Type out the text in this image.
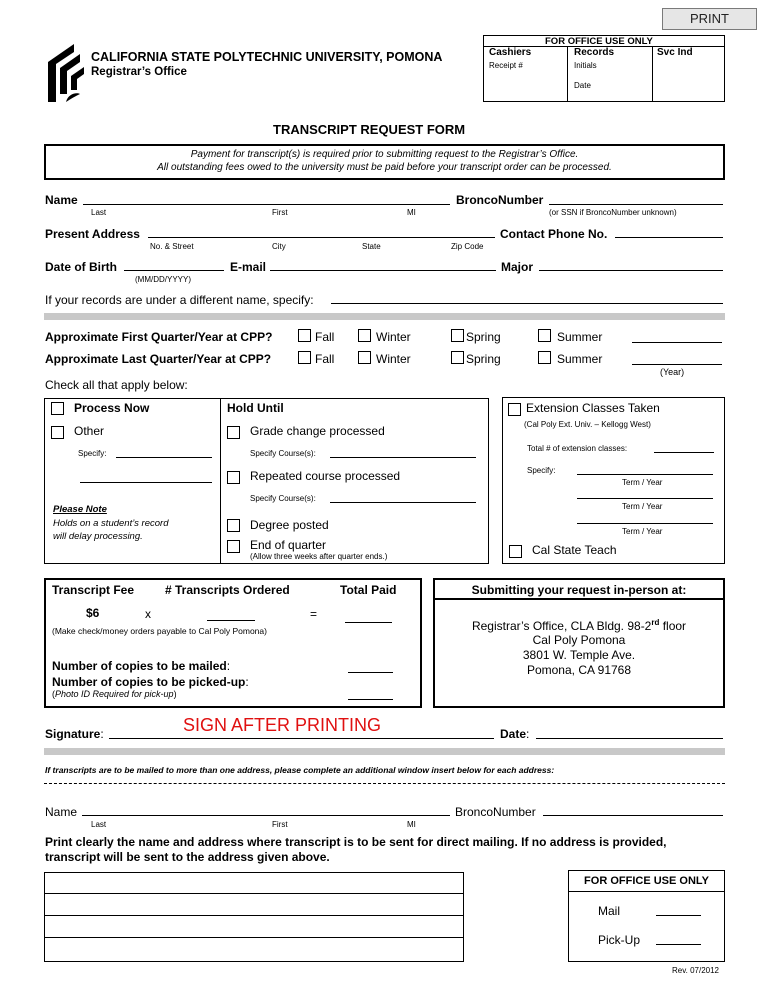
PRINT
CALIFORNIA STATE POLYTECHNIC UNIVERSITY, POMONA
Registrar’s Office
FOR OFFICE USE ONLY
Cashiers
Receipt #
Records
Initials
Date
Svc Ind
TRANSCRIPT REQUEST FORM
Payment for transcript(s) is required prior to submitting request to the Registrar’s Office.
All outstanding fees owed to the university must be paid before your transcript order can be processed.
Name
Last	First	MI
BroncoNumber
(or SSN if BroncoNumber unknown)
Present Address
No. & Street	City	State	Zip Code
Contact Phone No.
Date of Birth
(MM/DD/YYYY)
E-mail	Major
If your records are under a different name, specify:
Approximate First Quarter/Year at CPP?	Fall	Winter	Spring	Summer
Approximate Last Quarter/Year at CPP?	Fall	Winter	Spring	Summer
(Year)
Check all that apply below:
Process Now
Other
Specify:
Please Note
Holds on a student’s record
will delay processing.
Hold Until
Grade change processed
Specify Course(s):
Repeated course processed
Specify Course(s):
Degree posted
End of quarter
(Allow three weeks after quarter ends.)
Extension Classes Taken
(Cal Poly Ext. Univ. – Kellogg West)
Total # of extension classes:
Specify:
Term / Year
Term / Year
Term / Year
Cal State Teach
Transcript Fee	# Transcripts Ordered	Total Paid
$6	x	=
(Make check/money orders payable to Cal Poly Pomona)
Number of copies to be mailed:
Number of copies to be picked-up:
(Photo ID Required for pick-up)
Submitting your request in-person at:
Registrar’s Office, CLA Bldg. 98-2rd floor
Cal Poly Pomona
3801 W. Temple Ave.
Pomona, CA 91768
Signature:	SIGN AFTER PRINTING	Date:
If transcripts are to be mailed to more than one address, please complete an additional window insert below for each address:
Name
Last	First	MI
BroncoNumber
Print clearly the name and address where transcript is to be sent for direct mailing. If no address is provided,
transcript will be sent to the address given above.
FOR OFFICE USE ONLY
Mail
Pick-Up
Rev. 07/2012
